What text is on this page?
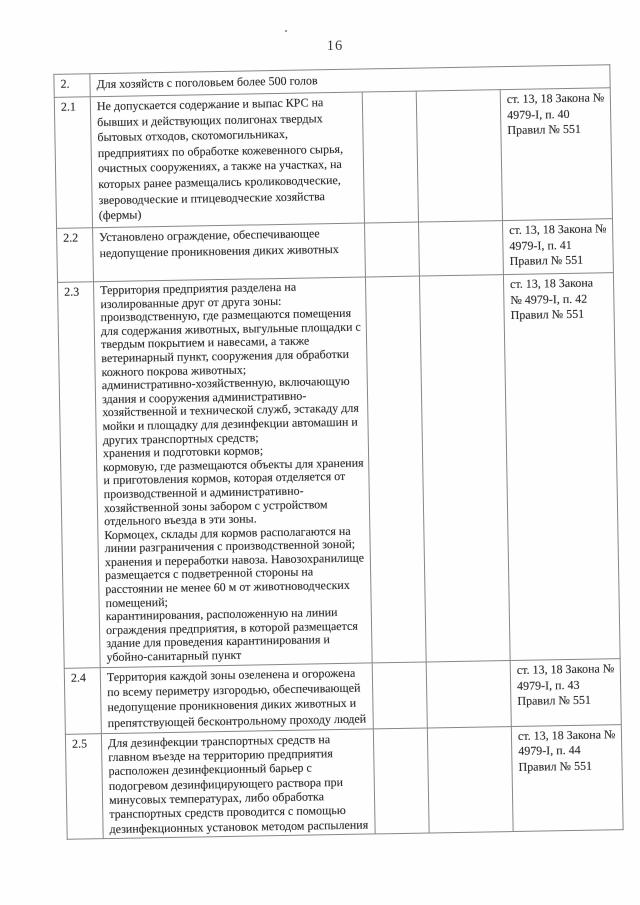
16
2.	Для хозяйств с поголовьем более 500 голов			
2.1	Не допускается содержание и выпас КРС на
бывших и действующих полигонах твердых
бытовых отходов, скотомогильниках,
предприятиях по обработке кожевенного сырья,
очистных сооружениях, а также на участках, на
которых ранее размещались кролиководческие,
звероводческие и птицеводческие хозяйства
(фермы)			ст. 13, 18 Закона №
4979-I, п. 40
Правил № 551
2.2	Установлено ограждение, обеспечивающее
недопущение проникновения диких животных			ст. 13, 18 Закона №
4979-I, п. 41
Правил № 551
2.3	Территория предприятия разделена на
изолированные друг от друга зоны:
производственную, где размещаются помещения
для содержания животных, выгульные площадки с
твердым покрытием и навесами, а также
ветеринарный пункт, сооружения для обработки
кожного покрова животных;
административно-хозяйственную, включающую
здания и сооружения административно-
хозяйственной и технической служб, эстакаду для
мойки и площадку для дезинфекции автомашин и
других транспортных средств;
хранения и подготовки кормов;
кормовую, где размещаются объекты для хранения
и приготовления кормов, которая отделяется от
производственной и административно-
хозяйственной зоны забором с устройством
отдельного въезда в эти зоны.
Кормоцех, склады для кормов располагаются на
линии разграничения с производственной зоной;
хранения и переработки навоза. Навозохранилище
размещается с подветренной стороны на
расстоянии не менее 60 м от животноводческих
помещений;
карантинирования, расположенную на линии
ограждения предприятия, в которой размещается
здание для проведения карантинирования и
убойно-санитарный пункт			ст. 13, 18 Закона
№ 4979-I, п. 42
Правил № 551
2.4	Территория каждой зоны озеленена и огорожена
по всему периметру изгородью, обеспечивающей
недопущение проникновения диких животных и
препятствующей бесконтрольному проходу людей			ст. 13, 18 Закона №
4979-I, п. 43
Правил № 551
2.5	Для дезинфекции транспортных средств на
главном въезде на территорию предприятия
расположен дезинфекционный барьер с
подогревом дезинфицирующего раствора при
минусовых температурах, либо обработка
транспортных средств проводится с помощью
дезинфекционных установок методом распыления			ст. 13, 18 Закона №
4979-I, п. 44
Правил № 551
